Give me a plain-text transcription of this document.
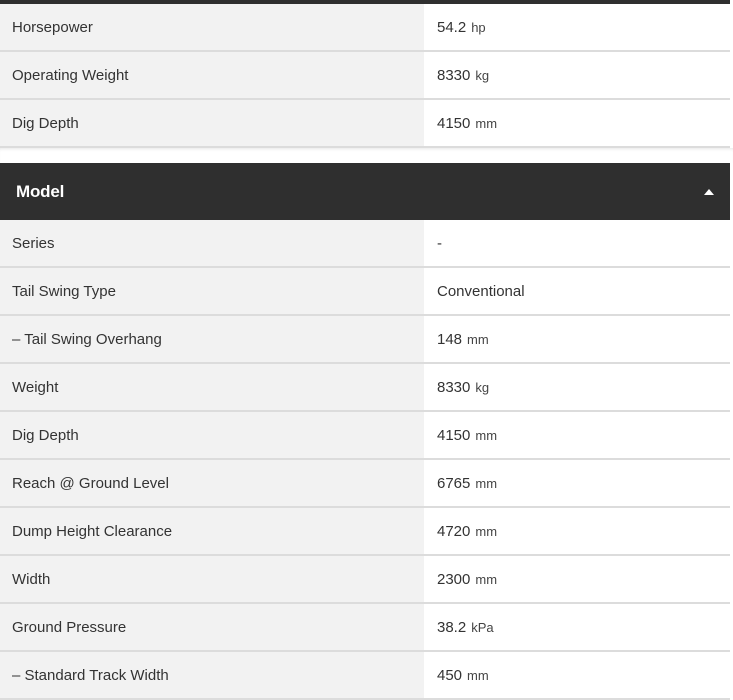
Horsepower	54.2 hp
Operating Weight	8330 kg
Dig Depth	4150 mm
Model
Series	-
Tail Swing Type	Conventional
– Tail Swing Overhang	148 mm
Weight	8330 kg
Dig Depth	4150 mm
Reach @ Ground Level	6765 mm
Dump Height Clearance	4720 mm
Width	2300 mm
Ground Pressure	38.2 kPa
– Standard Track Width	450 mm
